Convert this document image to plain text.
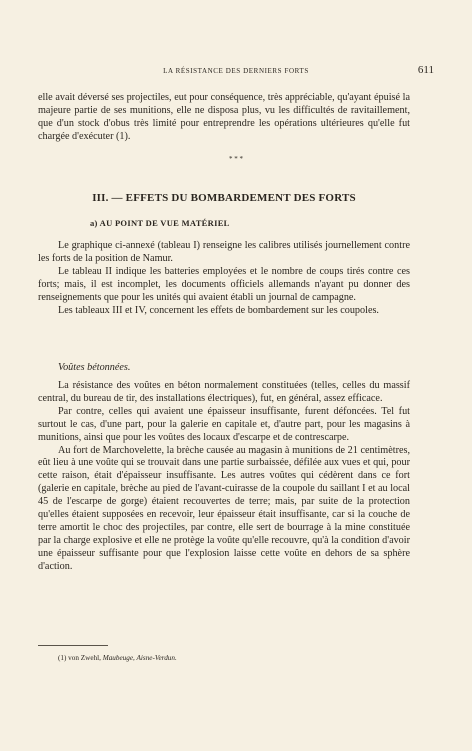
LA RÉSISTANCE DES DERNIERS FORTS	611

elle avait déversé ses projectiles, eut pour conséquence, très appréciable, qu'ayant épuisé la majeure partie de ses munitions, elle ne disposa plus, vu les difficultés de ravitaillement, que d'un stock d'obus très limité pour entreprendre les opérations ultérieures qu'elle fut chargée d'exécuter (1).

* * *
III. — EFFETS DU BOMBARDEMENT DES FORTS
a) AU POINT DE VUE MATÉRIEL

Le graphique ci-annexé (tableau I) renseigne les calibres utilisés journellement contre les forts de la position de Namur.

Le tableau II indique les batteries employées et le nombre de coups tirés contre ces forts; mais, il est incomplet, les documents officiels allemands n'ayant pu donner des renseignements que pour les unités qui avaient établi un journal de campagne.

Les tableaux III et IV, concernent les effets de bombardement sur les coupoles.

Voûtes bétonnées.

La résistance des voûtes en béton normalement constituées (telles, celles du massif central, du bureau de tir, des installations électriques), fut, en général, assez efficace.

Par contre, celles qui avaient une épaisseur insuffisante, furent défoncées. Tel fut surtout le cas, d'une part, pour la galerie en capitale et, d'autre part, pour les magasins à munitions, ainsi que pour les voûtes des locaux d'escarpe et de contrescarpe.

Au fort de Marchovelette, la brèche causée au magasin à munitions de 21 centimètres, eût lieu à une voûte qui se trouvait dans une partie surbaissée, défilée aux vues et qui, pour cette raison, était d'épaisseur insuffisante. Les autres voûtes qui cédèrent dans ce fort (galerie en capitale, brèche au pied de l'avant-cuirasse de la coupole du saillant I et au local 45 de l'escarpe de gorge) étaient recouvertes de terre; mais, par suite de la protection qu'elles étaient supposées en recevoir, leur épaisseur était insuffisante, car si la couche de terre amortit le choc des projectiles, par contre, elle sert de bourrage à la mine constituée par la charge explosive et elle ne protège la voûte qu'elle recouvre, qu'à la condition d'avoir une épaisseur suffisante pour que l'explosion laisse cette voûte en dehors de sa sphère d'action.

(1) von Zwehl, Maubeuge, Aisne-Verdun.
